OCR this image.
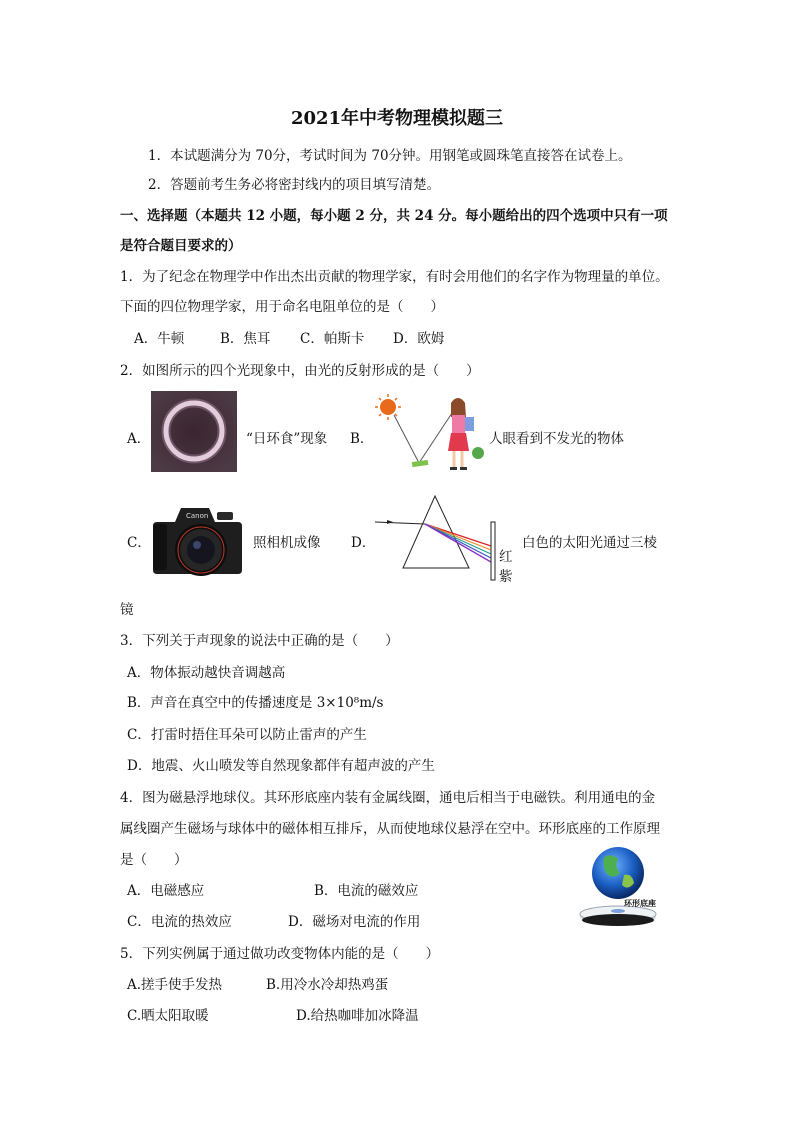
2021年中考物理模拟题三
1．本试题满分为 70分，考试时间为 70分钟。用钢笔或圆珠笔直接答在试卷上。
2．答题前考生务必将密封线内的项目填写清楚。
一、选择题（本题共 12 小题，每小题 2 分，共 24 分。每小题给出的四个选项中只有一项
是符合题目要求的）
1．为了纪念在物理学中作出杰出贡献的物理学家，有时会用他们的名字作为物理量的单位。
下面的四位物理学家，用于命名电阻单位的是（　　）
A．牛顿	B．焦耳 C．帕斯卡 D．欧姆
2．如图所示的四个光现象中，由光的反射形成的是（　　）
A．	“日环食”现象 B．	人眼看到不发光的物体
C．
Canon
照相机成像 D．
红
紫
白色的太阳光通过三棱
镜
3．下列关于声现象的说法中正确的是（　　）
A．物体振动越快音调越高
B．声音在真空中的传播速度是 3×10⁸m/s
C．打雷时捂住耳朵可以防止雷声的产生
D．地震、火山喷发等自然现象都伴有超声波的产生
4．图为磁悬浮地球仪。其环形底座内装有金属线圈，通电后相当于电磁铁。利用通电的金
属线圈产生磁场与球体中的磁体相互排斥，从而使地球仪悬浮在空中。环形底座的工作原理
是（　　）
A．电磁感应	B．电流的磁效应
C．电流的热效应	D．磁场对电流的作用
环形底座
5．下列实例属于通过做功改变物体内能的是（　　）
A.搓手使手发热	B.用冷水冷却热鸡蛋
C.晒太阳取暖	D.给热咖啡加冰降温
